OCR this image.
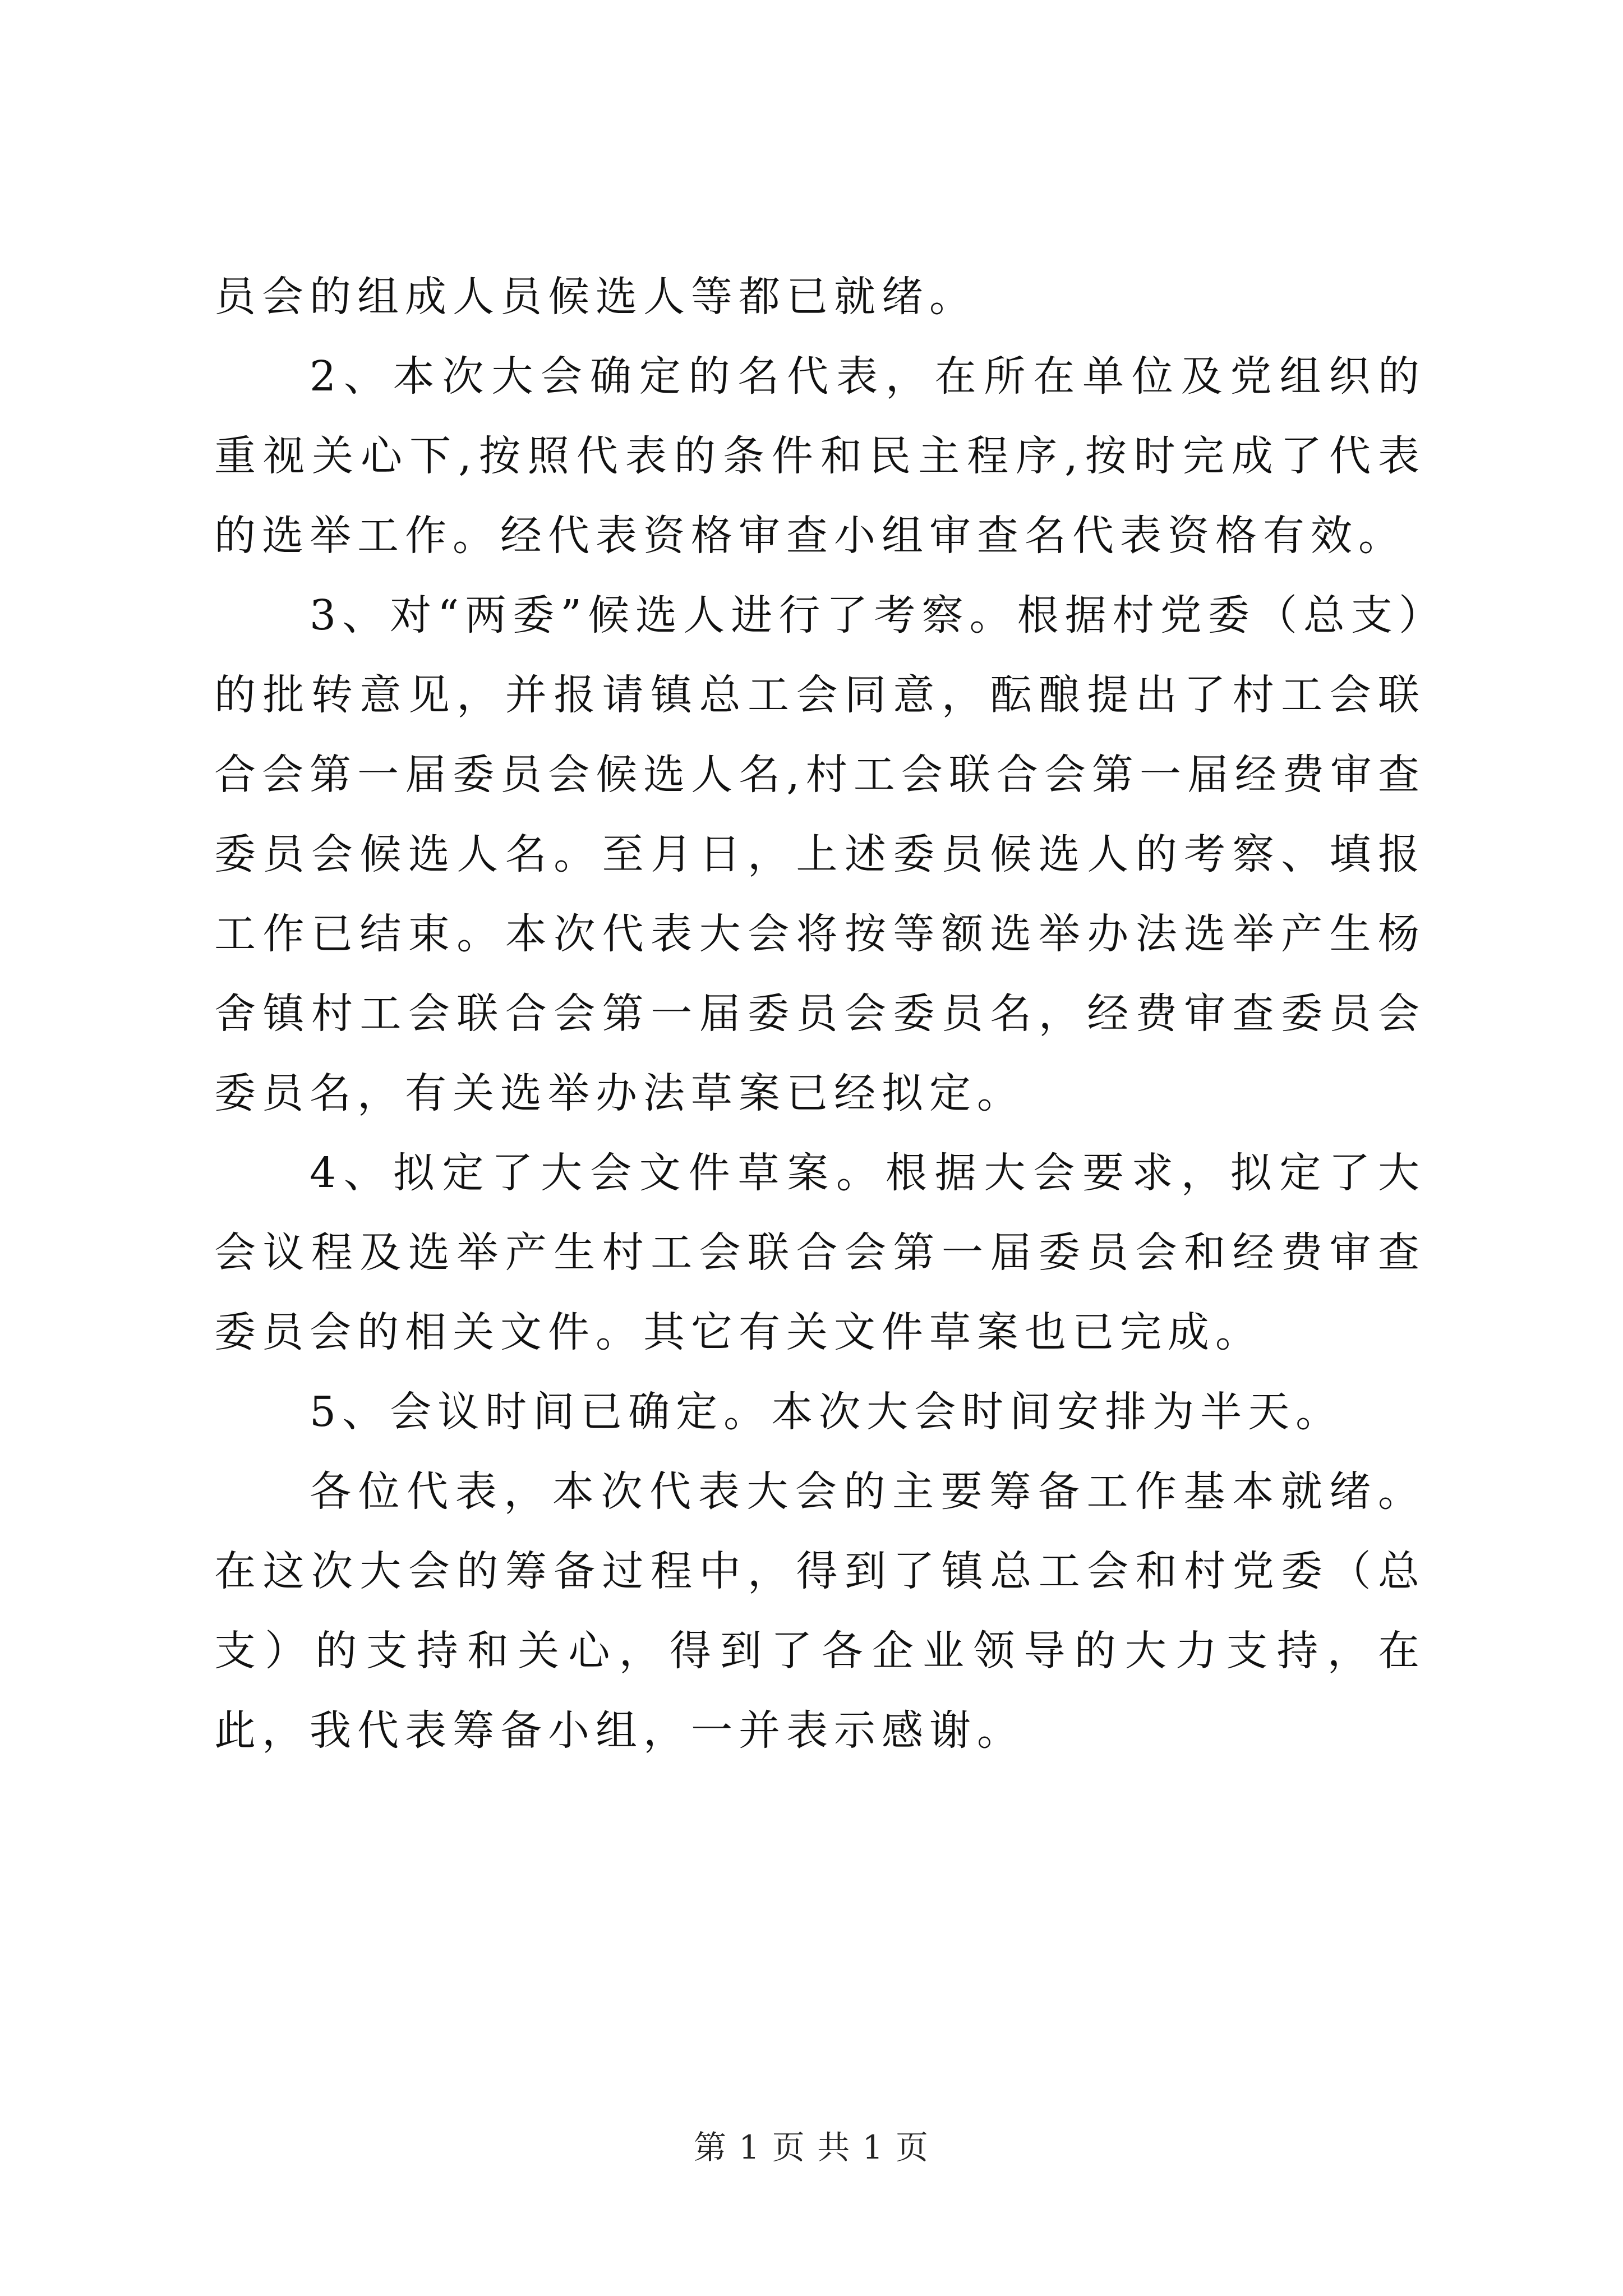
员会的组成人员候选人等都已就绪。

2、本次大会确定的名代表，在所在单位及党组织的重视关心下,按照代表的条件和民主程序,按时完成了代表的选举工作。经代表资格审查小组审查名代表资格有效。

3、对“两委”候选人进行了考察。根据村党委（总支）的批转意见，并报请镇总工会同意，酝酿提出了村工会联合会第一届委员会候选人名,村工会联合会第一届经费审查委员会候选人名。至月日，上述委员候选人的考察、填报工作已结束。本次代表大会将按等额选举办法选举产生杨舍镇村工会联合会第一届委员会委员名，经费审查委员会委员名，有关选举办法草案已经拟定。

4、拟定了大会文件草案。根据大会要求，拟定了大会议程及选举产生村工会联合会第一届委员会和经费审查委员会的相关文件。其它有关文件草案也已完成。

5、会议时间已确定。本次大会时间安排为半天。

各位代表，本次代表大会的主要筹备工作基本就绪。在这次大会的筹备过程中，得到了镇总工会和村党委（总支）的支持和关心，得到了各企业领导的大力支持，在此，我代表筹备小组，一并表示感谢。

第 1 页 共 1 页
